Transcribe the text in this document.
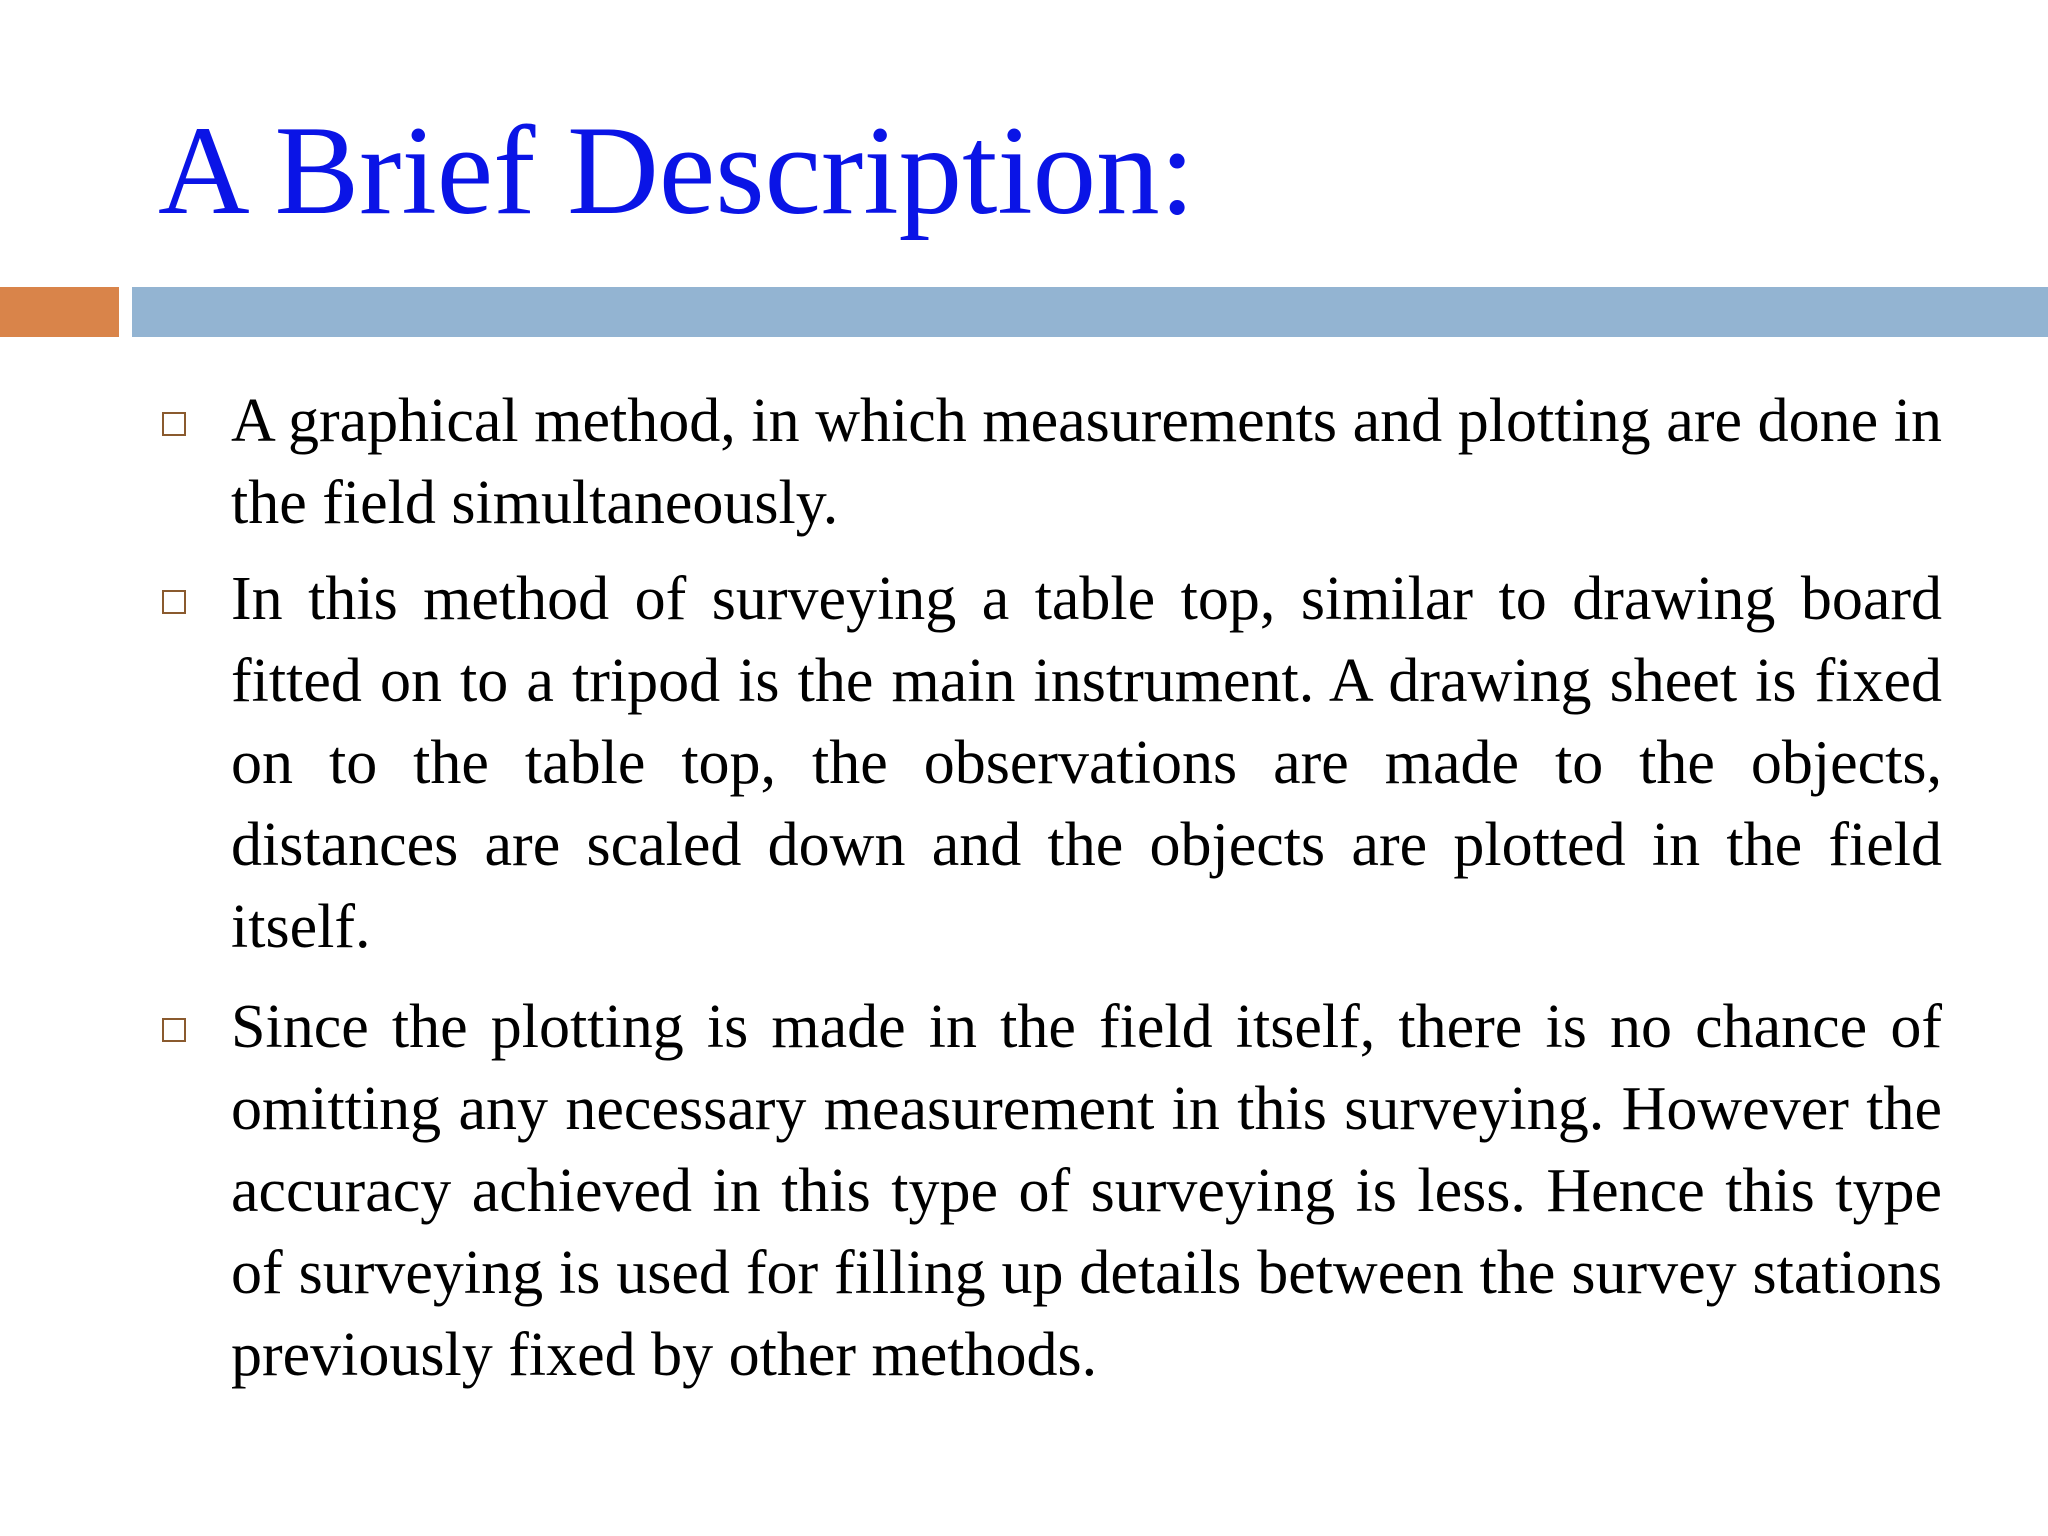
A Brief Description:

A graphical method, in which measurements and plotting are done in the field simultaneously.

In this method of surveying a table top, similar to drawing board fitted on to a tripod is the main instrument. A drawing sheet is fixed on to the table top, the observations are made to the objects, distances are scaled down and the objects are plotted in the field itself.

Since the plotting is made in the field itself, there is no chance of omitting any necessary measurement in this surveying. However the accuracy achieved in this type of surveying is less. Hence this type of surveying is used for filling up details between the survey stations previously fixed by other methods.
